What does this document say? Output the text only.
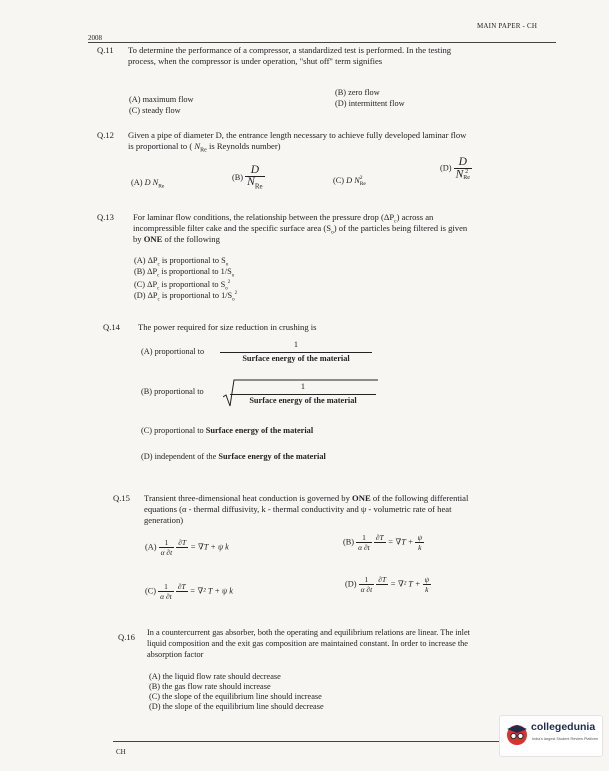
MAIN PAPER - CH
2008
Q.11 To determine the performance of a compressor, a standardized test is performed. In the testing
process, when the compressor is under operation, "shut off" term signifies
(A) maximum flow
(B) zero flow
(C) steady flow
(D) intermittent flow
Q.12 Given a pipe of diameter D, the entrance length necessary to achieve fully developed laminar flow
is proportional to ( $N_{Re}$ is Reynolds number)
(A) D $N_{Re}$
$(B) \frac{D}{N_{Re}}$	(C) D N 2
Re
(D) D
N 2
Re
Q.13 For laminar flow conditions, the relationship between the pressure drop $(\Delta P_c)$ across an
incompressible filter cake and the specific surface area $(S_o)$ of the particles being filtered is given
by ONE of the following
(A) $\Delta P_c$ is proportional to $S_o$
(B) $\Delta P_c$ is proportional to $1/S_o$
(C) $\Delta P_c$ is proportional to $S_o^2$
(D) $\Delta P_c$ is proportional to $1/S_o^2$
Q.14 The power required for size reduction in crushing is
(A) proportional to
1
Surface energy of the material
(B) proportional to
1
Surface energy of the material
(C) proportional to Surface energy of the material
(D) independent of the Surface energy of the material
Q.15 Transient three-dimensional heat conduction is governed by ONE of the following differential
equations (α - thermal diffusivity, k - thermal conductivity and ψ - volumetric rate of heat
generation)
$(A) \frac{1}{\alpha \partial t}$
∂T = ∇T + ψ k
$(B) \frac{1}{\alpha \partial t}$
$\partial T = \nabla T + \frac{\psi}{k}$
$(C) \frac{1}{\alpha \partial t}$
∂T = ∇² T + ψ k
$(D) \frac{1}{\alpha \partial t}$
∂T = ∇² $T + \frac{\psi}{k}$
Q.16 In a countercurrent gas absorber, both the operating and equilibrium relations are linear. The inlet
liquid composition and the exit gas composition are maintained constant. In order to increase the
absorption factor
(A) the liquid flow rate should decrease
(B) the gas flow rate should increase
(C) the slope of the equilibrium line should increase
(D) the slope of the equilibrium line should decrease
CH
collegedunia
India's largest Student Review Platform
